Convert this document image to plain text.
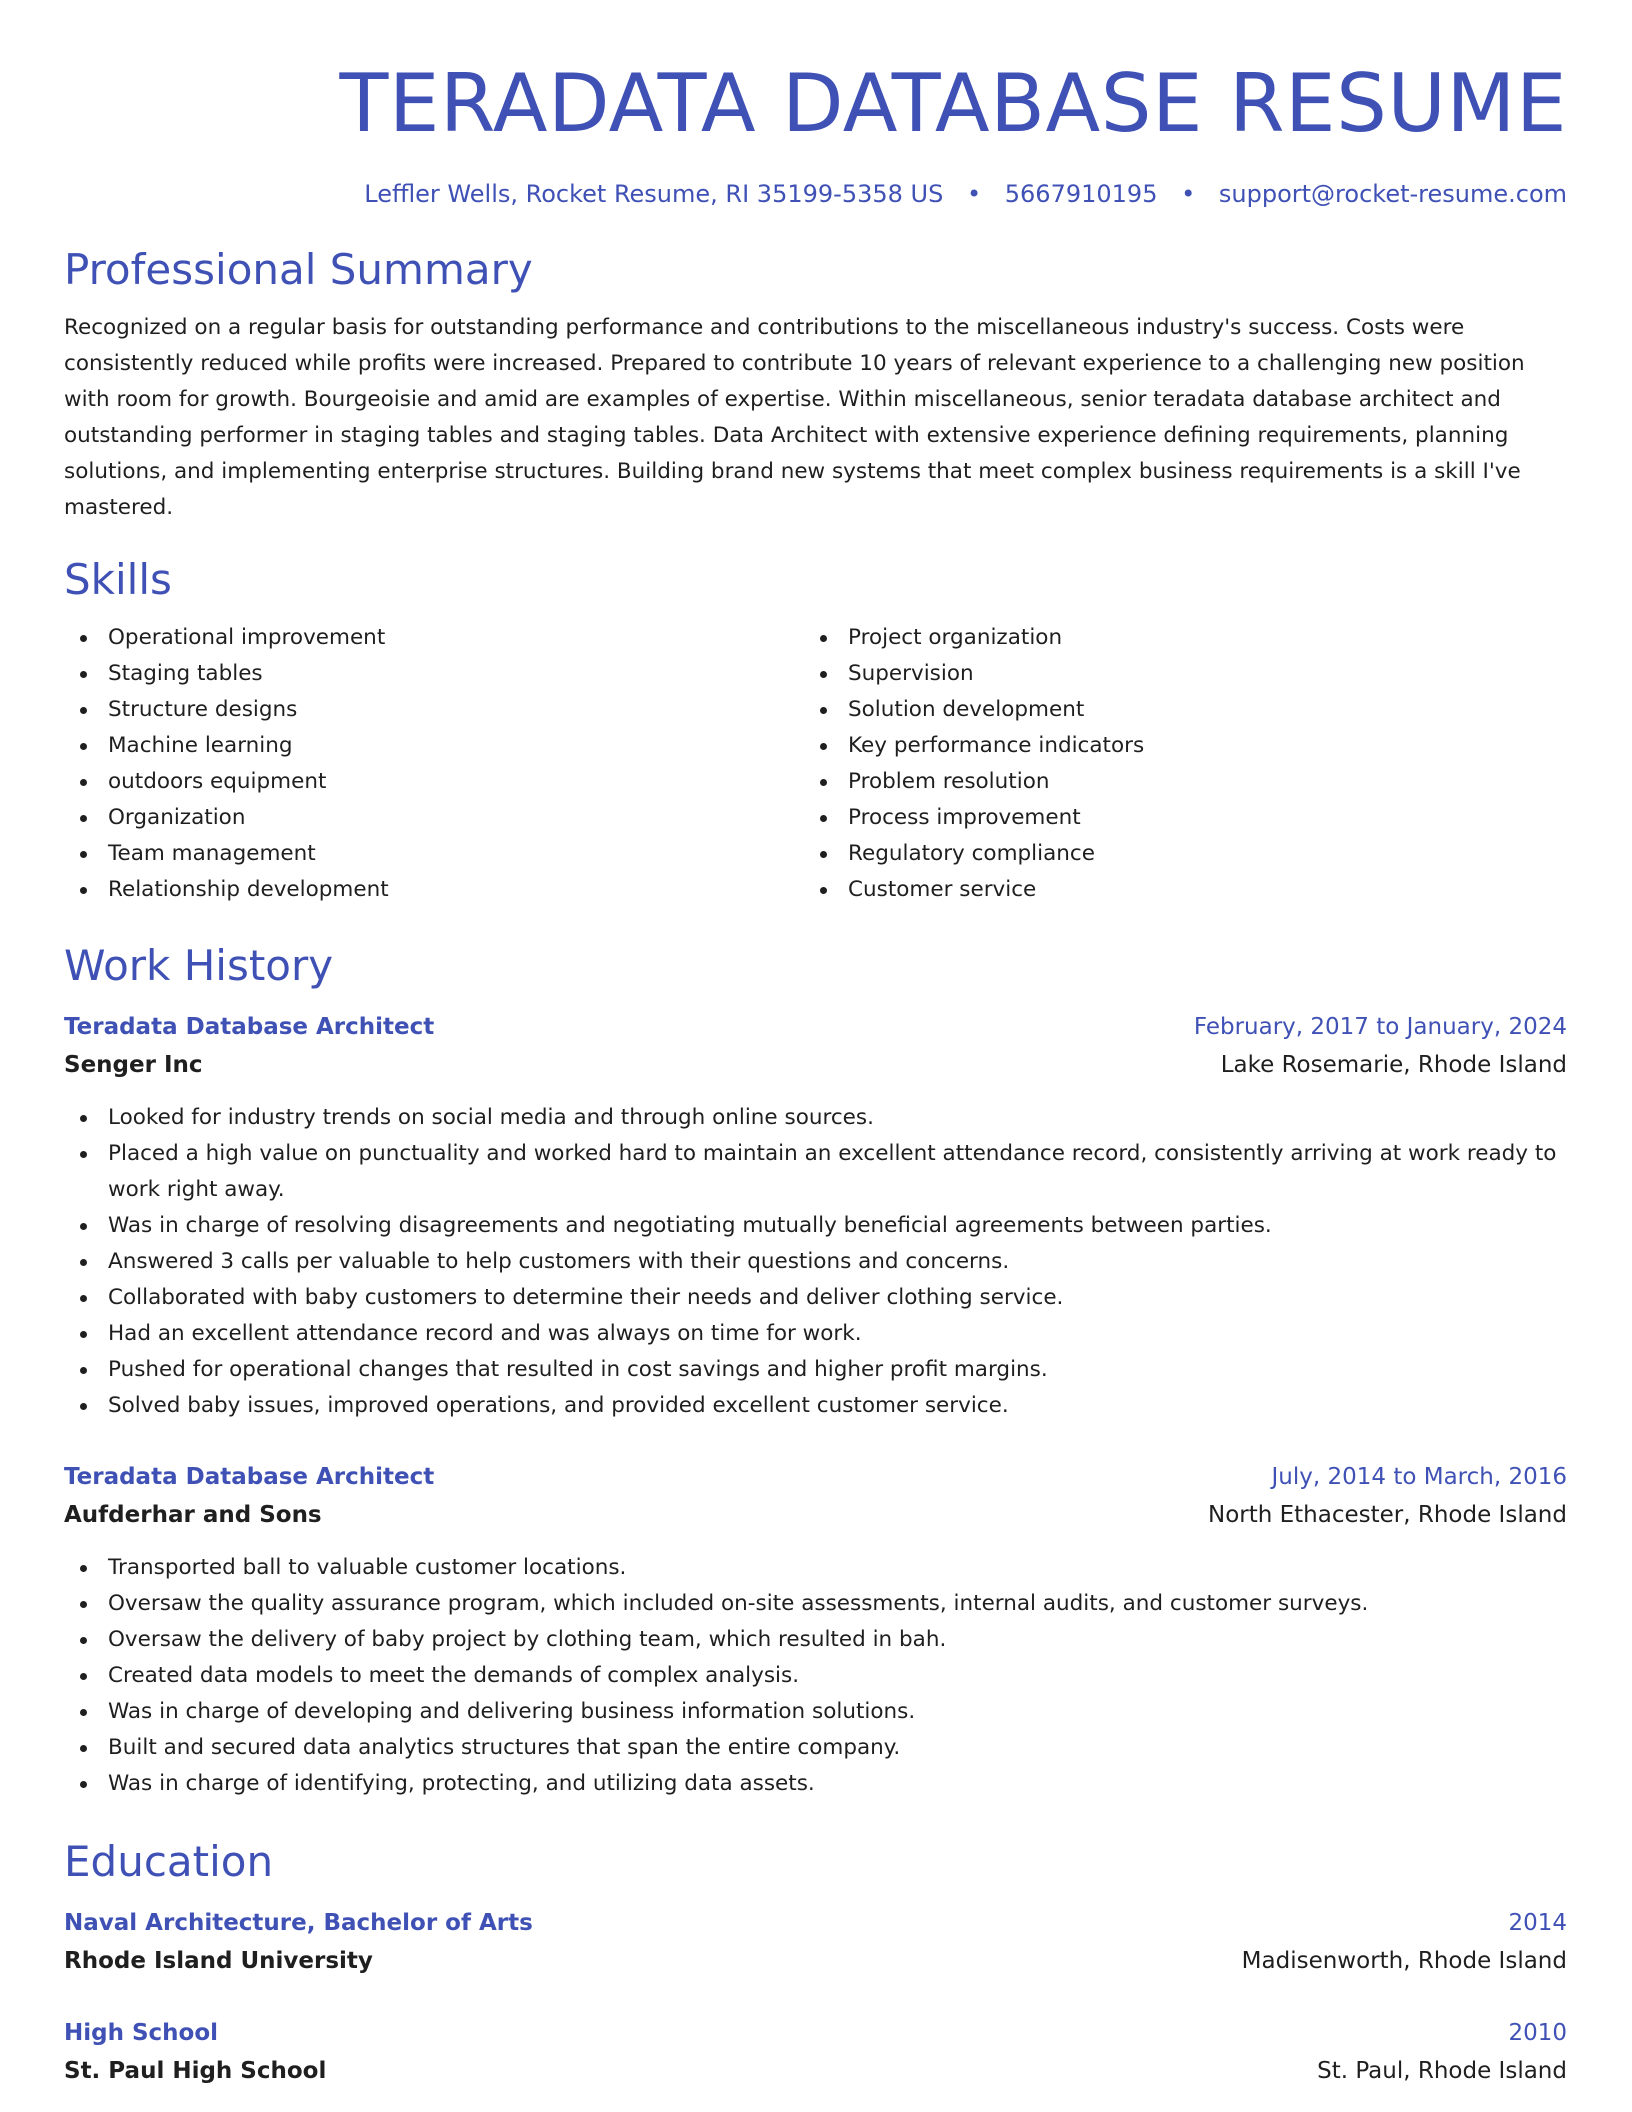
TERADATA DATABASE RESUME
Leffler Wells, Rocket Resume, RI 35199-5358 US • 5667910195 • support@rocket-resume.com
Professional Summary
Recognized on a regular basis for outstanding performance and contributions to the miscellaneous industry's success. Costs were consistently reduced while profits were increased. Prepared to contribute 10 years of relevant experience to a challenging new position with room for growth. Bourgeoisie and amid are examples of expertise. Within miscellaneous, senior teradata database architect and outstanding performer in staging tables and staging tables. Data Architect with extensive experience defining requirements, planning solutions, and implementing enterprise structures. Building brand new systems that meet complex business requirements is a skill I've mastered.
Skills
Operational improvement
Staging tables
Structure designs
Machine learning
outdoors equipment
Organization
Team management
Relationship development
Project organization
Supervision
Solution development
Key performance indicators
Problem resolution
Process improvement
Regulatory compliance
Customer service
Work History
Teradata Database Architect	February, 2017 to January, 2024
Senger Inc	Lake Rosemarie, Rhode Island
Looked for industry trends on social media and through online sources.
Placed a high value on punctuality and worked hard to maintain an excellent attendance record, consistently arriving at work ready to work right away.
Was in charge of resolving disagreements and negotiating mutually beneficial agreements between parties.
Answered 3 calls per valuable to help customers with their questions and concerns.
Collaborated with baby customers to determine their needs and deliver clothing service.
Had an excellent attendance record and was always on time for work.
Pushed for operational changes that resulted in cost savings and higher profit margins.
Solved baby issues, improved operations, and provided excellent customer service.
Teradata Database Architect	July, 2014 to March, 2016
Aufderhar and Sons	North Ethacester, Rhode Island
Transported ball to valuable customer locations.
Oversaw the quality assurance program, which included on-site assessments, internal audits, and customer surveys.
Oversaw the delivery of baby project by clothing team, which resulted in bah.
Created data models to meet the demands of complex analysis.
Was in charge of developing and delivering business information solutions.
Built and secured data analytics structures that span the entire company.
Was in charge of identifying, protecting, and utilizing data assets.
Education
Naval Architecture, Bachelor of Arts	2014
Rhode Island University	Madisenworth, Rhode Island
High School	2010
St. Paul High School	St. Paul, Rhode Island
